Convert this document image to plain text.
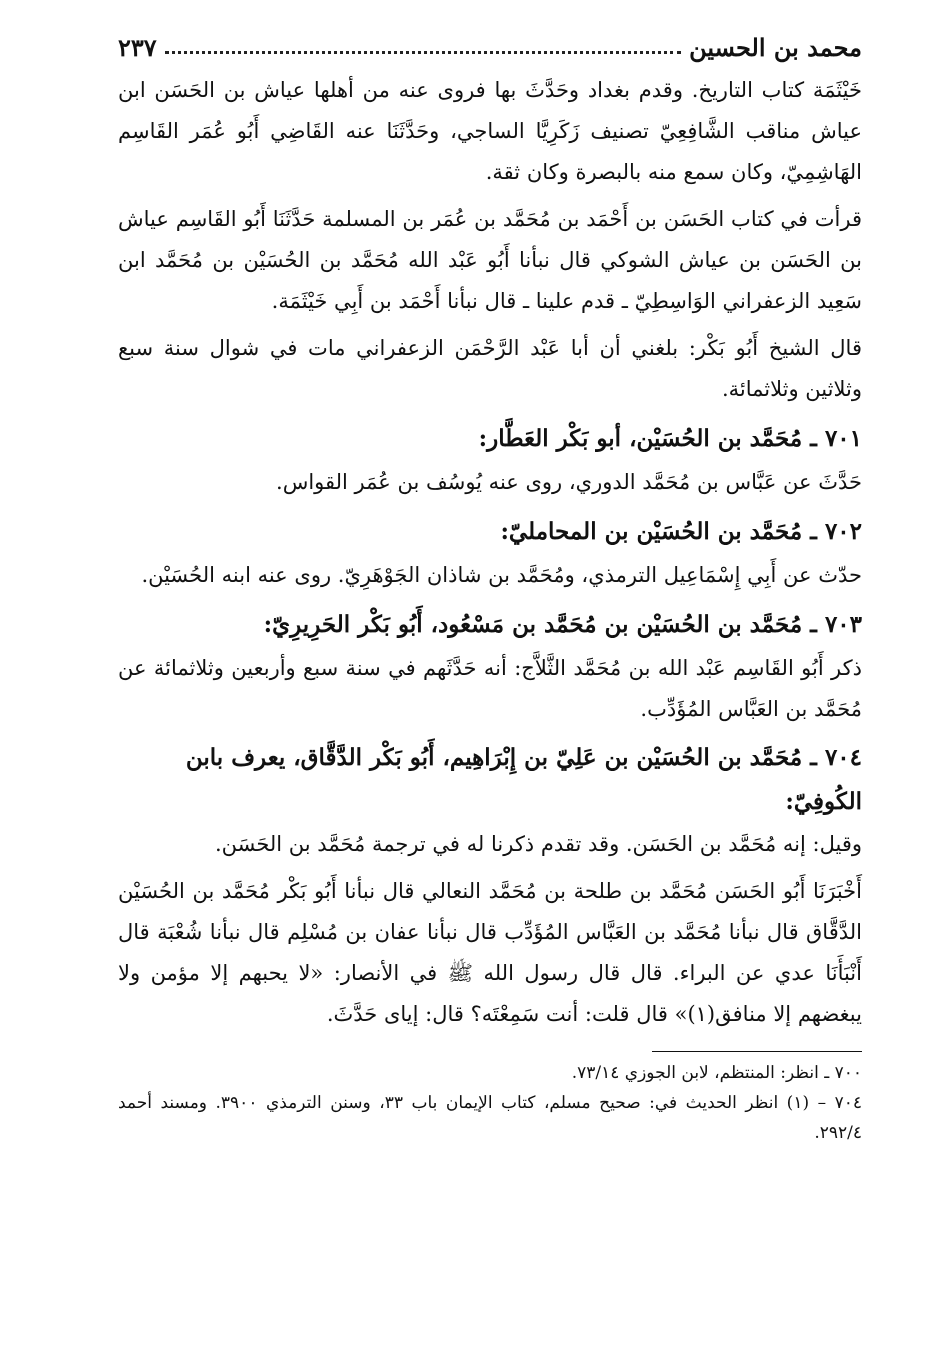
محمد بن الحسين
٢٣٧

خَيْثَمَة كتاب التاريخ. وقدم بغداد وحَدَّثَ بها فروى عنه من أهلها عياش بن الحَسَن ابن عياش مناقب الشَّافِعِيّ تصنيف زَكَرِيَّا الساجي، وحَدَّثَنَا عنه القَاضِي أَبُو عُمَر القَاسِم الهَاشِمِيّ، وكان سمع منه بالبصرة وكان ثقة.

قرأت في كتاب الحَسَن بن أَحْمَد بن مُحَمَّد بن عُمَر بن المسلمة حَدَّثَنَا أَبُو القَاسِم عياش بن الحَسَن بن عياش الشوكي قال نبأنا أَبُو عَبْد الله مُحَمَّد بن الحُسَيْن بن مُحَمَّد ابن سَعِيد الزعفراني الوَاسِطِيّ ـ قدم علينا ـ قال نبأنا أَحْمَد بن أَبِي خَيْثَمَة.

قال الشيخ أَبُو بَكْر: بلغني أن أبا عَبْد الرَّحْمَن الزعفراني مات في شوال سنة سبع وثلاثين وثلاثمائة.

٧٠١ ـ مُحَمَّد بن الحُسَيْن، أبو بَكْر العَطَّار:

حَدَّثَ عن عَبَّاس بن مُحَمَّد الدوري، روى عنه يُوسُف بن عُمَر القواس.

٧٠٢ ـ مُحَمَّد بن الحُسَيْن بن المحامليّ:

حدّث عن أَبِي إِسْمَاعِيل الترمذي، ومُحَمَّد بن شاذان الجَوْهَرِيّ. روى عنه ابنه الحُسَيْن.

٧٠٣ ـ مُحَمَّد بن الحُسَيْن بن مُحَمَّد بن مَسْعُود، أَبُو بَكْر الحَرِيرِيّ:

ذكر أَبُو القَاسِم عَبْد الله بن مُحَمَّد الثَّلاَّج: أنه حَدَّثَهم في سنة سبع وأربعين وثلاثمائة عن مُحَمَّد بن العَبَّاس المُؤَدِّب.

٧٠٤ ـ مُحَمَّد بن الحُسَيْن بن عَلِيّ بن إِبْرَاهِيم، أَبُو بَكْر الدَّقَّاق، يعرف بابن الكُوفِيّ:

وقيل: إنه مُحَمَّد بن الحَسَن. وقد تقدم ذكرنا له في ترجمة مُحَمَّد بن الحَسَن.

أَخْبَرَنَا أَبُو الحَسَن مُحَمَّد بن طلحة بن مُحَمَّد النعالي قال نبأنا أَبُو بَكْر مُحَمَّد بن الحُسَيْن الدَّقَّاق قال نبأنا مُحَمَّد بن العَبَّاس المُؤَدِّب قال نبأنا عفان بن مُسْلِم قال نبأنا شُعْبَة قال أَنْبَأَنَا عدي عن البراء. قال قال رسول الله ﷺ في الأنصار: «لا يحبهم إلا مؤمن ولا يبغضهم إلا منافق(١)» قال قلت: أنت سَمِعْتَه؟ قال: إياى حَدَّثَ.

٧٠٠ ـ انظر: المنتظم، لابن الجوزي ٧٣/١٤.

٧٠٤ – (١) انظر الحديث في: صحيح مسلم، كتاب الإيمان باب ٣٣، وسنن الترمذي ٣٩٠٠. ومسند أحمد ٢٩٢/٤.
